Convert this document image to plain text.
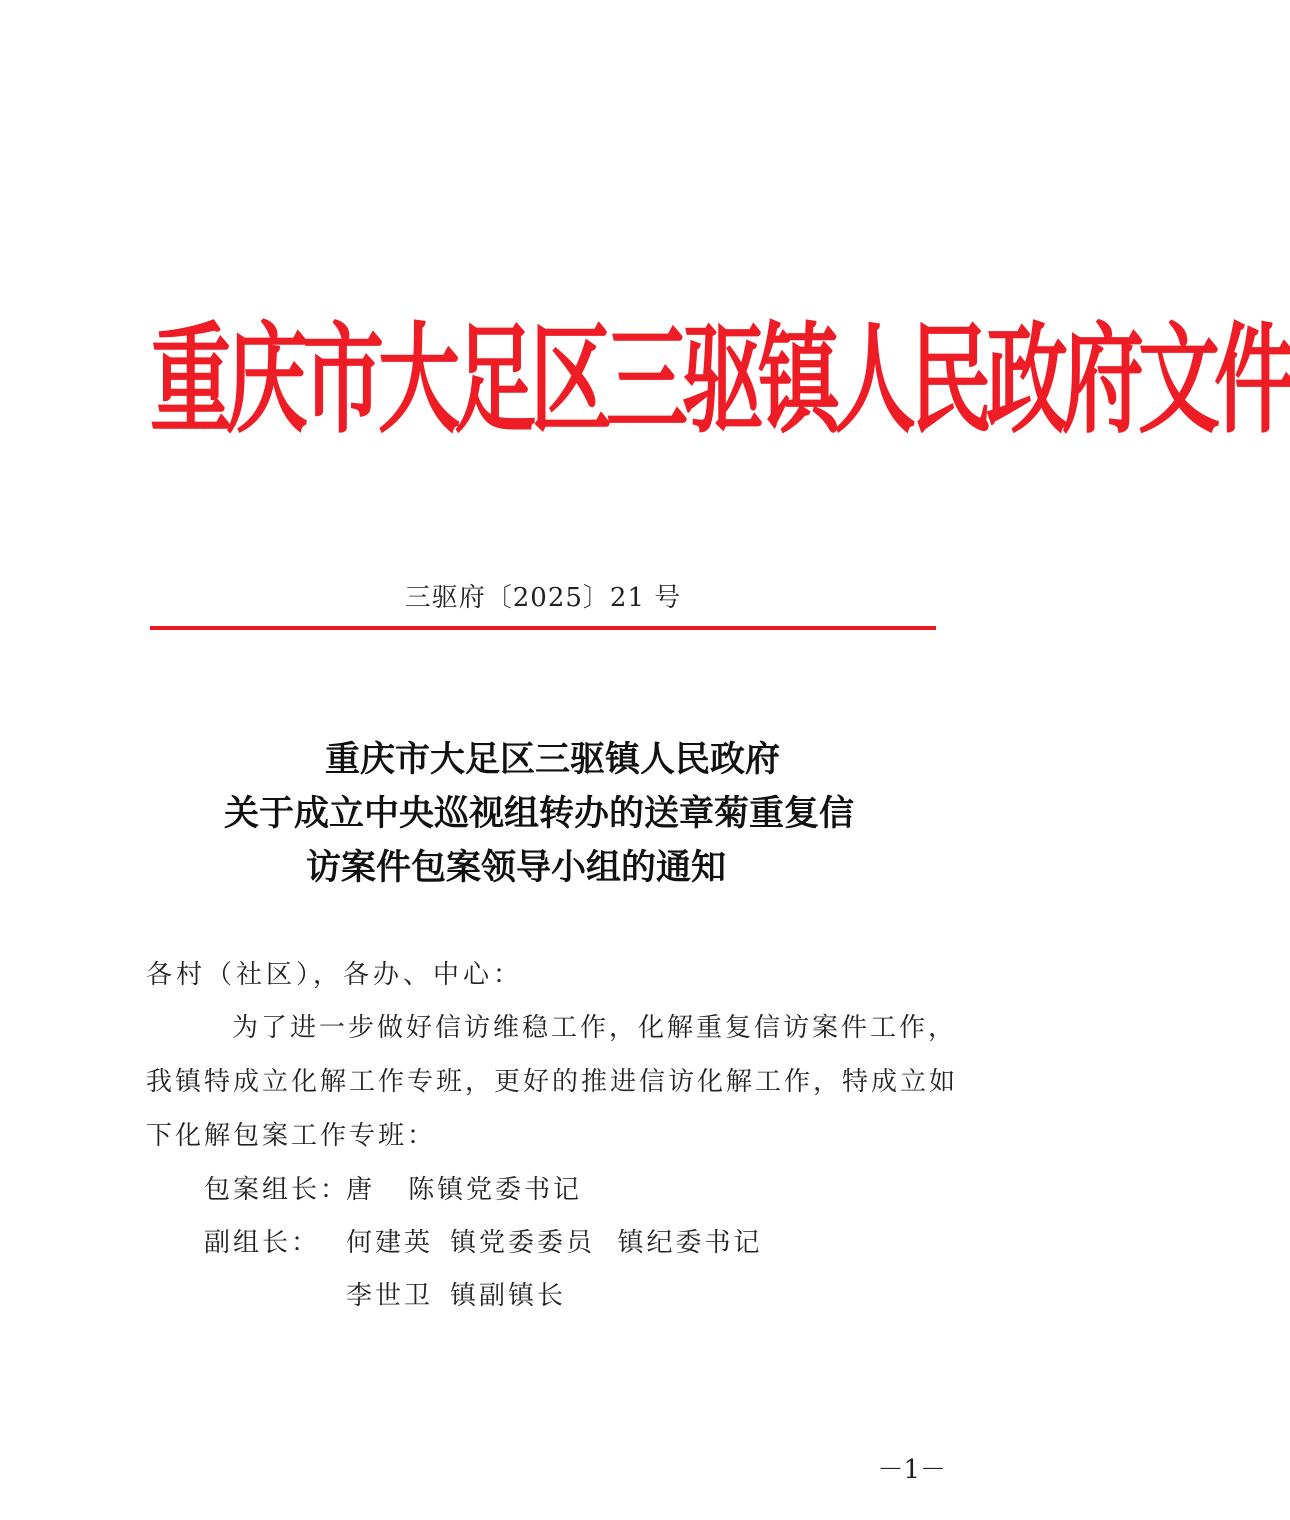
重庆市大足区三驱镇人民政府文件
三驱府〔2025〕21 号
重庆市大足区三驱镇人民政府
关于成立中央巡视组转办的送章菊重复信
访案件包案领导小组的通知
各村（社区），各办、中心：
为了进一步做好信访维稳工作，化解重复信访案件工作，
我镇特成立化解工作专班，更好的推进信访化解工作，特成立如
下化解包案工作专班：
包案组长：
唐 陈
镇党委书记
副组长： 何建英 镇党委委员  镇纪委书记
李世卫 镇副镇长
－1－
